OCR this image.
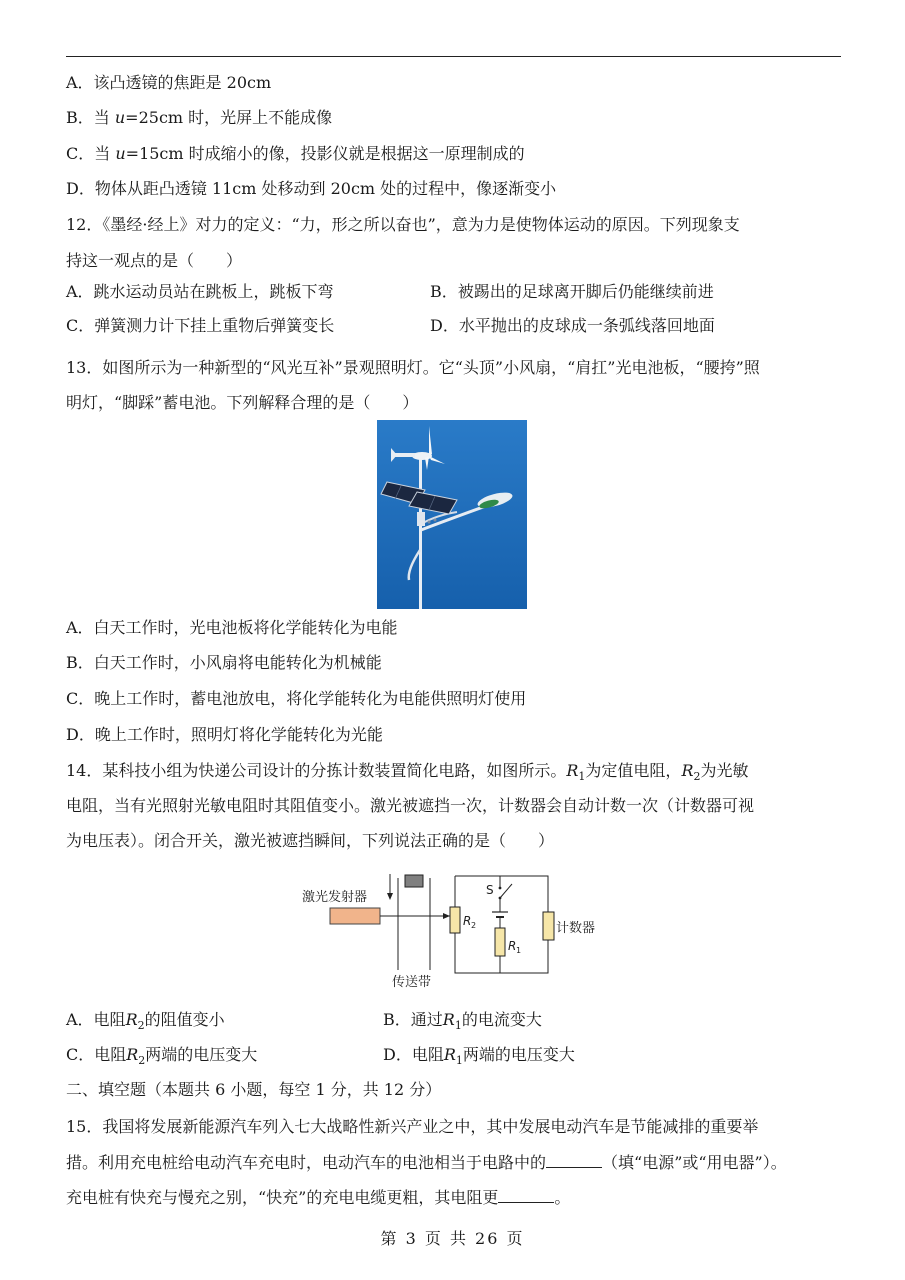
A．该凸透镜的焦距是 20cm
B．当 u=25cm 时，光屏上不能成像
C．当 u=15cm 时成缩小的像，投影仪就是根据这一原理制成的
D．物体从距凸透镜 11cm 处移动到 20cm 处的过程中，像逐渐变小
12．《墨经·经上》对力的定义：“力，形之所以奋也”，意为力是使物体运动的原因。下列现象支
持这一观点的是（　　）
A．跳水运动员站在跳板上，跳板下弯	B．被踢出的足球离开脚后仍能继续前进
C．弹簧测力计下挂上重物后弹簧变长	D．水平抛出的皮球成一条弧线落回地面
13．如图所示为一种新型的“风光互补”景观照明灯。它“头顶”小风扇，“肩扛”光电池板，“腰挎”照
明灯，“脚踩”蓄电池。下列解释合理的是（　　）
A．白天工作时，光电池板将化学能转化为电能
B．白天工作时，小风扇将电能转化为机械能
C．晚上工作时，蓄电池放电，将化学能转化为电能供照明灯使用
D．晚上工作时，照明灯将化学能转化为光能
14．某科技小组为快递公司设计的分拣计数装置简化电路，如图所示。$R_1$为定值电阻，$R_2$为光敏
电阻，当有光照射光敏电阻时其阻值变小。激光被遮挡一次，计数器会自动计数一次（计数器可视
为电压表）。闭合开关，激光被遮挡瞬间，下列说法正确的是（　　）
激光发射器
传送带
R 2
S
R 1
计数器
A．电阻$R_2$的阻值变小	B．通过$R_1$的电流变大
C．电阻$R_2$两端的电压变大	D．电阻$R_1$两端的电压变大
二、填空题（本题共 6 小题，每空 1 分，共 12 分）
15．我国将发展新能源汽车列入七大战略性新兴产业之中，其中发展电动汽车是节能减排的重要举
措。利用充电桩给电动汽车充电时，电动汽车的电池相当于电路中的	（填“电源”或“用电器”）。
充电桩有快充与慢充之别，“快充”的充电电缆更粗，其电阻更	。
第 3 页 共 26 页
